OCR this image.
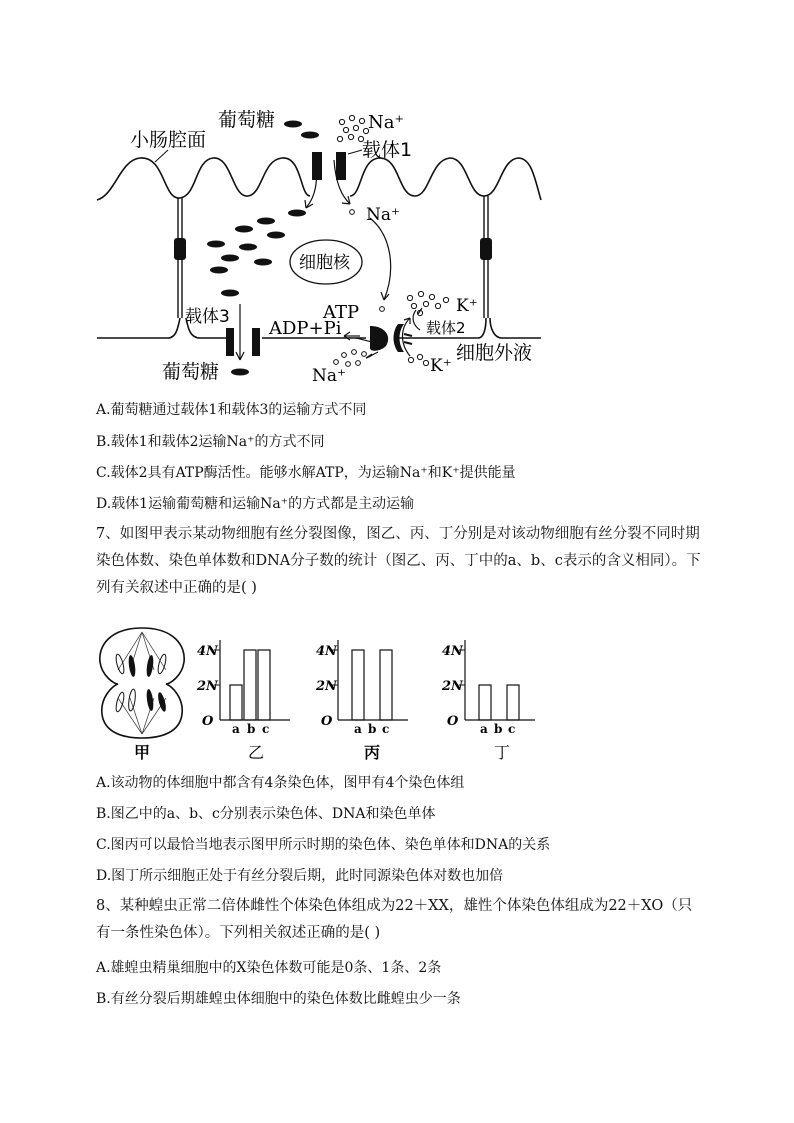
小肠腔面
葡萄糖	Na⁺
载体1
Na⁺
细胞核
ATP	K⁺
载体3
ADP+Pi	载体2
细胞外液
葡萄糖	Na⁺	K⁺
A.葡萄糖通过载体1和载体3的运输方式不同
B.载体1和载体2运输Na⁺的方式不同
C.载体2具有ATP酶活性。能够水解ATP，为运输Na⁺和K⁺提供能量
D.载体1运输葡萄糖和运输Na⁺的方式都是主动运输
7、如图甲表示某动物细胞有丝分裂图像，图乙、丙、丁分别是对该动物细胞有丝分裂不同时期染色体数、染色单体数和DNA分子数的统计（图乙、丙、丁中的a、b、c表示的含义相同）。下列有关叙述中正确的是( )
4N
2N
O a b c
4N
2N
O a b c
4N
2N
O a b c
甲	乙	丙	丁
A.该动物的体细胞中都含有4条染色体，图甲有4个染色体组
B.图乙中的a、b、c分别表示染色体、DNA和染色单体
C.图丙可以最恰当地表示图甲所示时期的染色体、染色单体和DNA的关系
D.图丁所示细胞正处于有丝分裂后期，此时同源染色体对数也加倍
8、某种蝗虫正常二倍体雌性个体染色体组成为22＋XX，雄性个体染色体组成为22＋XO（只有一条性染色体）。下列相关叙述正确的是( )
A.雄蝗虫精巢细胞中的X染色体数可能是0条、1条、2条
B.有丝分裂后期雄蝗虫体细胞中的染色体数比雌蝗虫少一条
